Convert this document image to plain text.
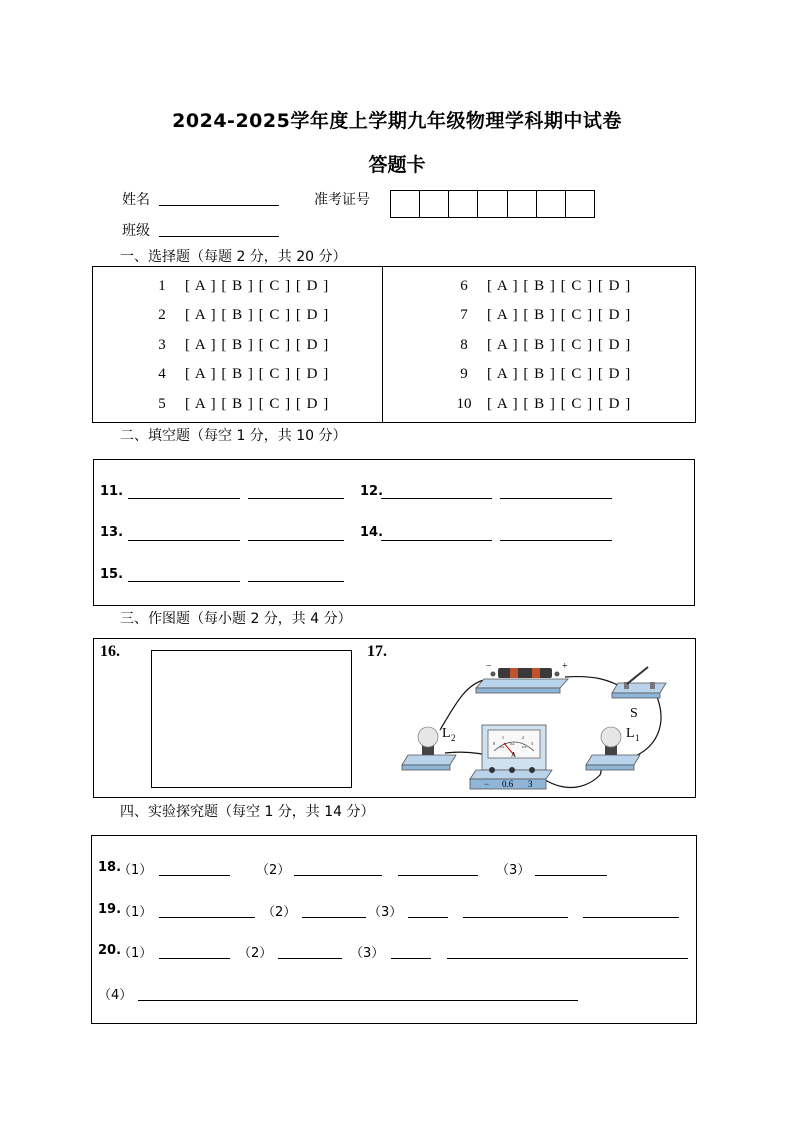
2024-2025学年度上学期九年级物理学科期中试卷
答题卡
姓名	准考证号
班级
一、选择题（每题 2 分，共 20 分）
1	[ A ] [ B ] [ C ] [ D ]
2	[ A ] [ B ] [ C ] [ D ]
3	[ A ] [ B ] [ C ] [ D ]
4	[ A ] [ B ] [ C ] [ D ]
5	[ A ] [ B ] [ C ] [ D ]
6	[ A ] [ B ] [ C ] [ D ]
7	[ A ] [ B ] [ C ] [ D ]
8	[ A ] [ B ] [ C ] [ D ]
9	[ A ] [ B ] [ C ] [ D ]
10	[ A ] [ B ] [ C ] [ D ]
二、填空题（每空 1 分，共 10 分）
11.	12.
13.	14.
15.
三、作图题（每小题 2 分，共 4 分）
16.	17.
−	+
S
L 2	L 1
0
1	2
3
0.2
0.4
0.6
A
− 0.6 3
四、实验探究题（每空 1 分，共 14 分）
18.
（1）	（2）	（3）
19.
（1）	（2）	（3）
20.
（1）	（2）	（3）
（4）
